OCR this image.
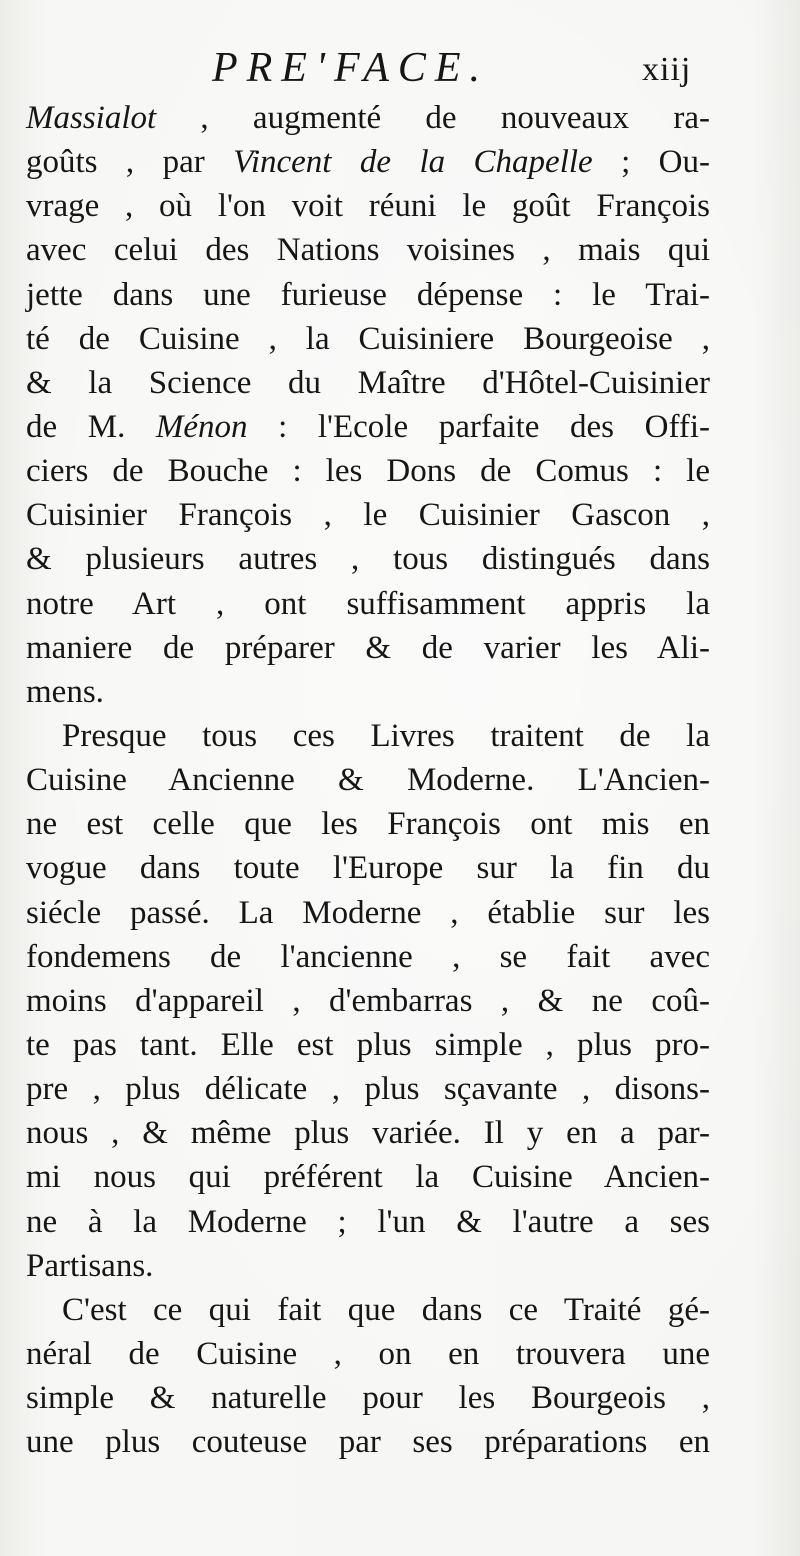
PRE'FACE.	xiij
Massialot , augmenté de nouveaux ra-
goûts , par Vincent de la Chapelle ; Ou-
vrage , où l'on voit réuni le goût François
avec celui des Nations voisines , mais qui
jette dans une furieuse dépense : le Trai-
té de Cuisine , la Cuisiniere Bourgeoise ,
& la Science du Maître d'Hôtel-Cuisinier
de M. Ménon : l'Ecole parfaite des Offi-
ciers de Bouche : les Dons de Comus : le
Cuisinier François , le Cuisinier Gascon ,
& plusieurs autres , tous distingués dans
notre Art , ont suffisamment appris la
maniere de préparer & de varier les Ali-
mens.
Presque tous ces Livres traitent de la
Cuisine Ancienne & Moderne. L'Ancien-
ne est celle que les François ont mis en
vogue dans toute l'Europe sur la fin du
siécle passé. La Moderne , établie sur les
fondemens de l'ancienne , se fait avec
moins d'appareil , d'embarras , & ne coû-
te pas tant. Elle est plus simple , plus pro-
pre , plus délicate , plus sçavante , disons-
nous , & même plus variée. Il y en a par-
mi nous qui préférent la Cuisine Ancien-
ne à la Moderne ; l'un & l'autre a ses
Partisans.
C'est ce qui fait que dans ce Traité gé-
néral de Cuisine , on en trouvera une
simple & naturelle pour les Bourgeois ,
une plus couteuse par ses préparations en
